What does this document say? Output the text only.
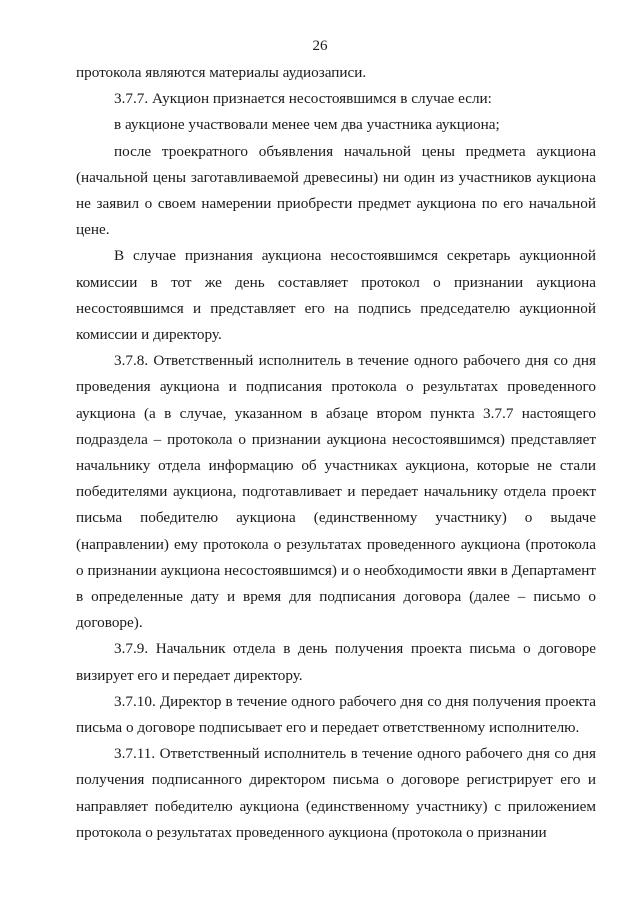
26

протокола являются материалы аудиозаписи.

3.7.7. Аукцион признается несостоявшимся в случае если:

в аукционе участвовали менее чем два участника аукциона;

после троекратного объявления начальной цены предмета аукциона (начальной цены заготавливаемой древесины) ни один из участников аукциона не заявил о своем намерении приобрести предмет аукциона по его начальной цене.

В случае признания аукциона несостоявшимся секретарь аукционной комиссии в тот же день составляет протокол о признании аукциона несостоявшимся и представляет его на подпись председателю аукционной комиссии и директору.

3.7.8. Ответственный исполнитель в течение одного рабочего дня со дня проведения аукциона и подписания протокола о результатах проведенного аукциона (а в случае, указанном в абзаце втором пункта 3.7.7 настоящего подраздела – протокола о признании аукциона несостоявшимся) представляет начальнику отдела информацию об участниках аукциона, которые не стали победителями аукциона, подготавливает и передает начальнику отдела проект письма победителю аукциона (единственному участнику) о выдаче (направлении) ему протокола о результатах проведенного аукциона (протокола о признании аукциона несостоявшимся) и о необходимости явки в Департамент в определенные дату и время для подписания договора (далее – письмо о договоре).

3.7.9. Начальник отдела в день получения проекта письма о договоре визирует его и передает директору.

3.7.10. Директор в течение одного рабочего дня со дня получения проекта письма о договоре подписывает его и передает ответственному исполнителю.

3.7.11. Ответственный исполнитель в течение одного рабочего дня со дня получения подписанного директором письма о договоре регистрирует его и направляет победителю аукциона (единственному участнику) с приложением протокола о результатах проведенного аукциона (протокола о признании
